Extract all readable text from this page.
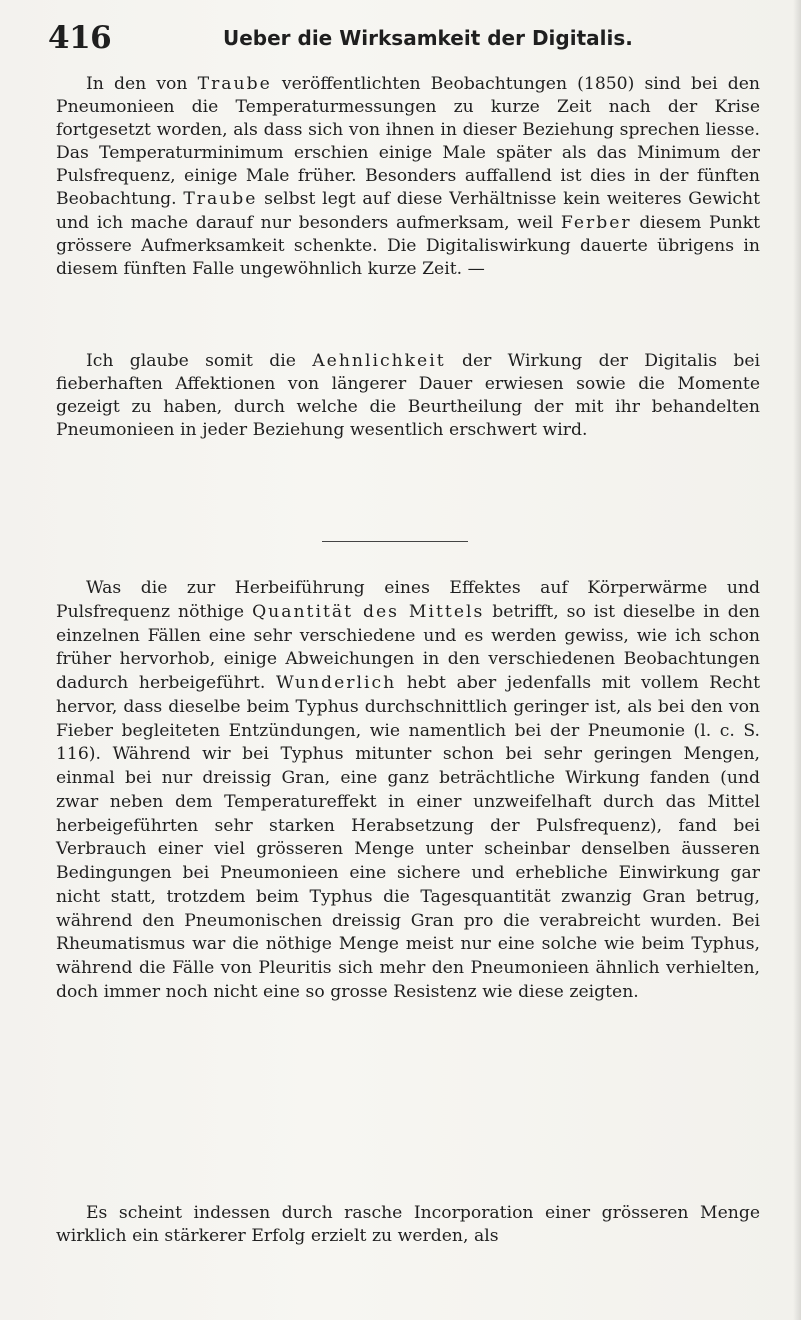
416	Ueber die Wirksamkeit der Digitalis.

In den von Traube veröffentlichten Beobachtungen (1850) sind bei den Pneumonieen die Temperaturmessungen zu kurze Zeit nach der Krise fortgesetzt worden, als dass sich von ihnen in dieser Beziehung sprechen liesse. Das Temperaturminimum erschien einige Male später als das Minimum der Pulsfrequenz, einige Male früher. Besonders auffallend ist dies in der fünften Beobachtung. Traube selbst legt auf diese Verhältnisse kein weiteres Gewicht und ich mache darauf nur besonders aufmerksam, weil Ferber diesem Punkt grössere Aufmerksamkeit schenkte. Die Digitaliswirkung dauerte übrigens in diesem fünften Falle ungewöhnlich kurze Zeit. —

Ich glaube somit die Aehnlichkeit der Wirkung der Digitalis bei fieberhaften Affektionen von längerer Dauer erwiesen sowie die Momente gezeigt zu haben, durch welche die Beurtheilung der mit ihr behandelten Pneumonieen in jeder Beziehung wesentlich erschwert wird.

Was die zur Herbeiführung eines Effektes auf Körperwärme und Pulsfrequenz nöthige Quantität des Mittels betrifft, so ist dieselbe in den einzelnen Fällen eine sehr verschiedene und es werden gewiss, wie ich schon früher hervorhob, einige Abweichungen in den verschiedenen Beobachtungen dadurch herbeigeführt. Wunderlich hebt aber jedenfalls mit vollem Recht hervor, dass dieselbe beim Typhus durchschnittlich geringer ist, als bei den von Fieber begleiteten Entzündungen, wie namentlich bei der Pneumonie (l. c. S. 116). Während wir bei Typhus mitunter schon bei sehr geringen Mengen, einmal bei nur dreissig Gran, eine ganz beträchtliche Wirkung fanden (und zwar neben dem Temperatureffekt in einer unzweifelhaft durch das Mittel herbeigeführten sehr starken Herabsetzung der Pulsfrequenz), fand bei Verbrauch einer viel grösseren Menge unter scheinbar denselben äusseren Bedingungen bei Pneumonieen eine sichere und erhebliche Einwirkung gar nicht statt, trotzdem beim Typhus die Tagesquantität zwanzig Gran betrug, während den Pneumonischen dreissig Gran pro die verabreicht wurden. Bei Rheumatismus war die nöthige Menge meist nur eine solche wie beim Typhus, während die Fälle von Pleuritis sich mehr den Pneumonieen ähnlich verhielten, doch immer noch nicht eine so grosse Resistenz wie diese zeigten.

Es scheint indessen durch rasche Incorporation einer grösseren Menge wirklich ein stärkerer Erfolg erzielt zu werden, als
